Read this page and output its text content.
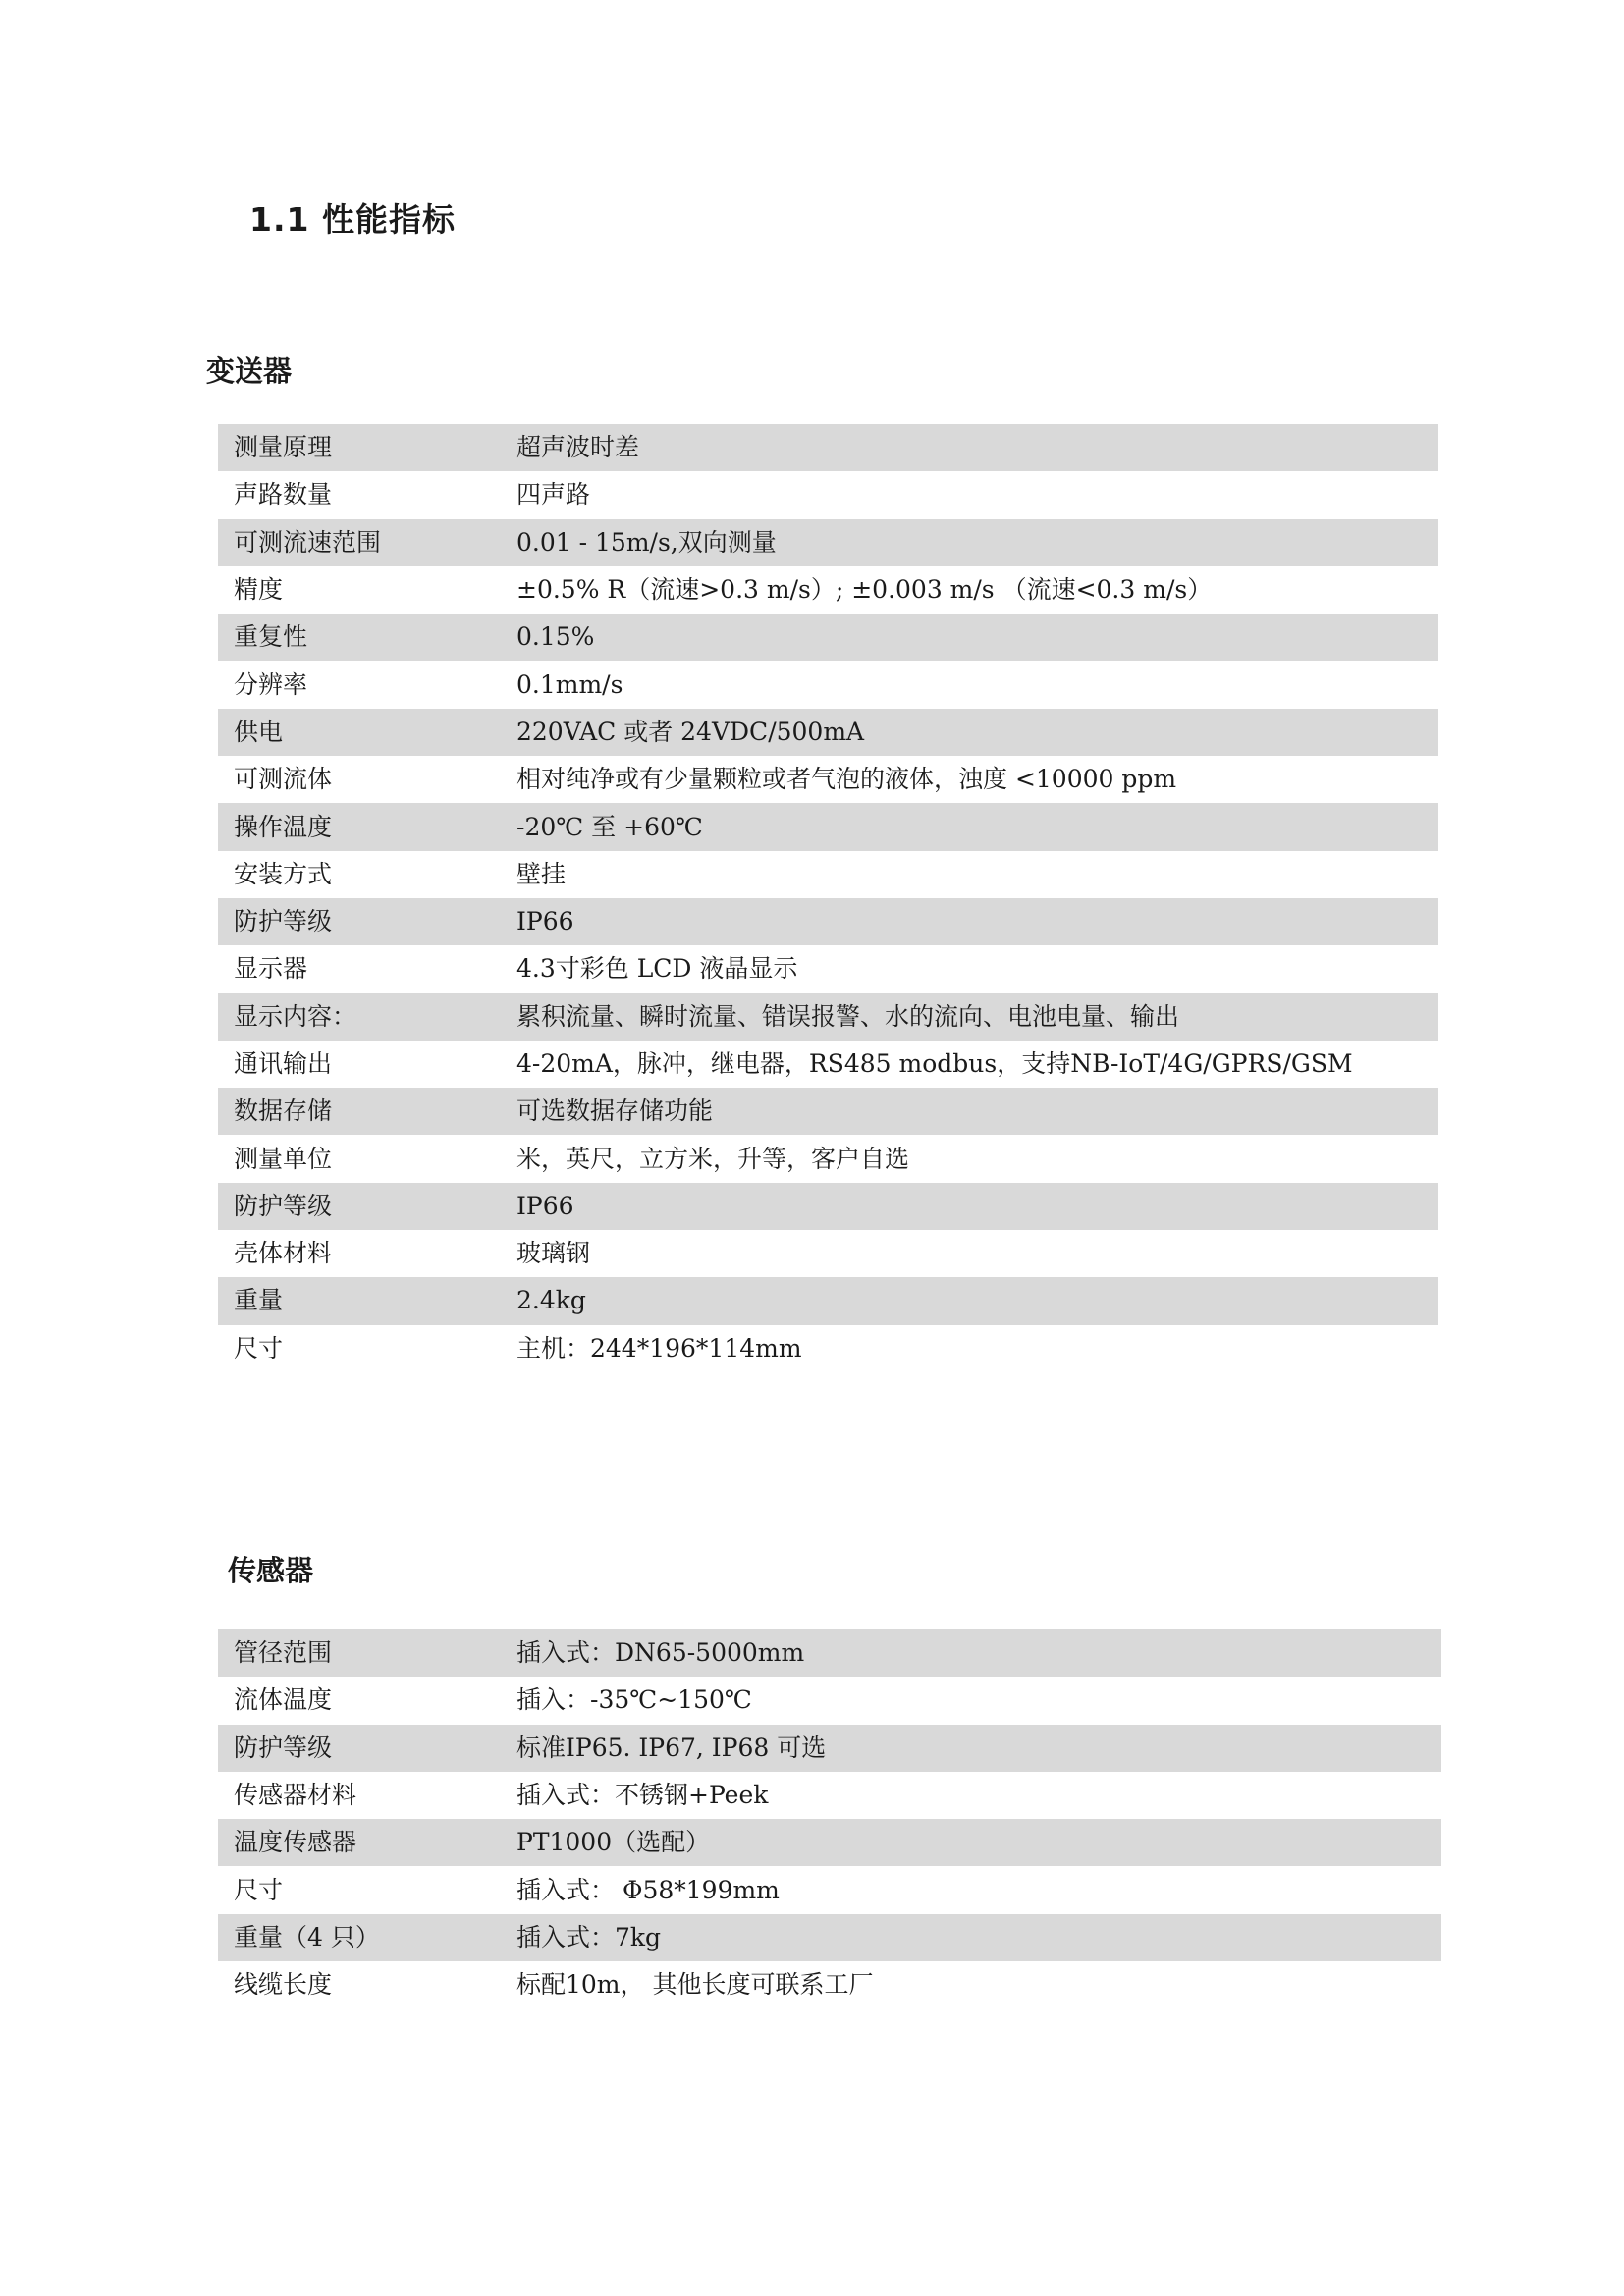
1.1 性能指标
变送器
测量原理	超声波时差
声路数量	四声路
可测流速范围	0.01 - 15m/s,双向测量
精度	±0.5% R（流速>0.3 m/s）; ±0.003 m/s （流速<0.3 m/s）
重复性	0.15%
分辨率	0.1mm/s
供电	220VAC 或者 24VDC/500mA
可测流体	相对纯净或有少量颗粒或者气泡的液体，浊度 <10000 ppm
操作温度	-20℃ 至 +60℃
安装方式	壁挂
防护等级	IP66
显示器	4.3寸彩色 LCD 液晶显示
显示内容：	累积流量、瞬时流量、错误报警、水的流向、电池电量、输出
通讯输出	4-20mA，脉冲，继电器，RS485 modbus，支持NB-IoT/4G/GPRS/GSM
数据存储	可选数据存储功能
测量单位	米，英尺，立方米，升等，客户自选
防护等级	IP66
壳体材料	玻璃钢
重量	2.4kg
尺寸	主机：244*196*114mm
传感器
管径范围	插入式：DN65-5000mm
流体温度	插入：-35℃~150℃
防护等级	标准IP65. IP67, IP68 可选
传感器材料	插入式：不锈钢+Peek
温度传感器	PT1000（选配）
尺寸	插入式： Φ58*199mm
重量（4 只）	插入式：7kg
线缆长度	标配10m， 其他长度可联系工厂
